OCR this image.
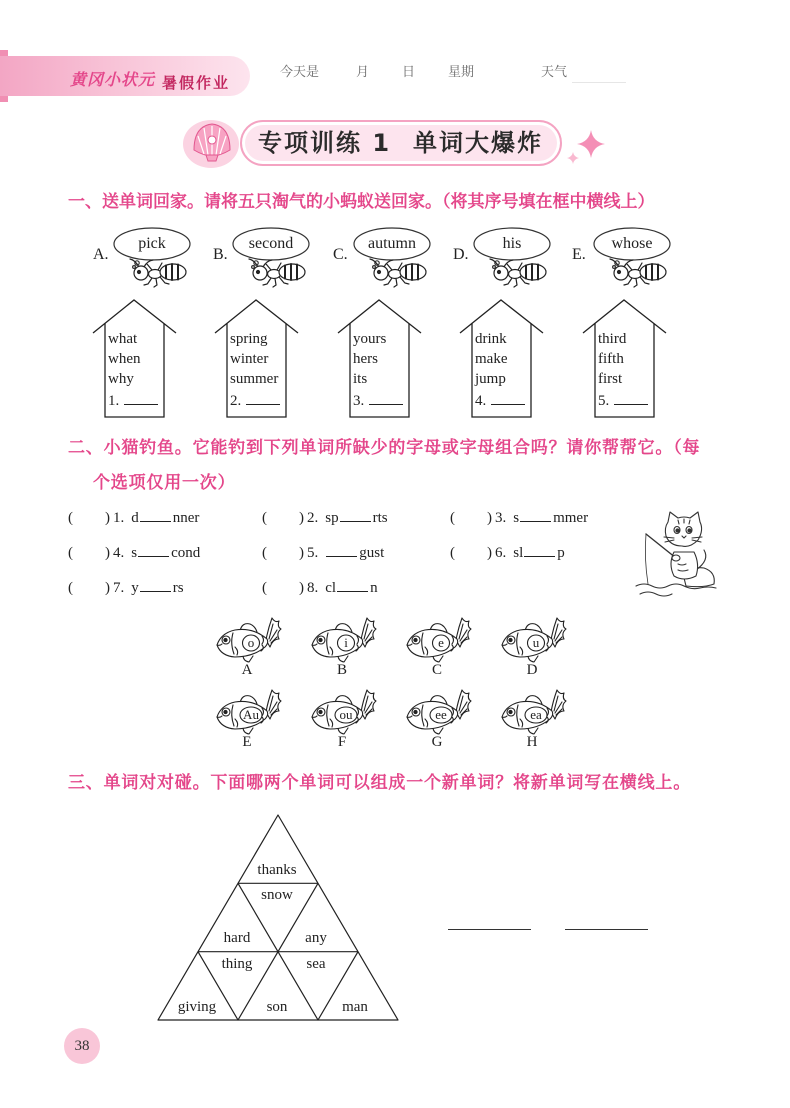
黄冈小状元 暑假作业
今天是	月	日	星期	天气
专项训练 1 单词大爆炸
一、送单词回家。请将五只淘气的小蚂蚁送回家。（将其序号填在框中横线上）
A.
pick
B.
second
C.
autumn
D.
his
E.
whose
what
when
why
1.
spring
winter
summer
2.
yours
hers
its
3.
drink
make
jump
4.
third
fifth
first
5.
二、小猫钓鱼。它能钓到下列单词所缺少的字母或字母组合吗？请你帮帮它。（每
个选项仅用一次）
( ) 1. d nner	( ) 2. sp rts	( ) 3. s mmer
( ) 4. s cond	( ) 5.	gust	( ) 6. sl p
( ) 7. y rs	( ) 8. cl n
o
A
i
B
e
C
u
D
Au
E
ou
F
ee
G
ea
H
三、单词对对碰。下面哪两个单词可以组成一个新单词？将新单词写在横线上。
thanks
snow
hard	any
thing	sea
giving	son	man
38
